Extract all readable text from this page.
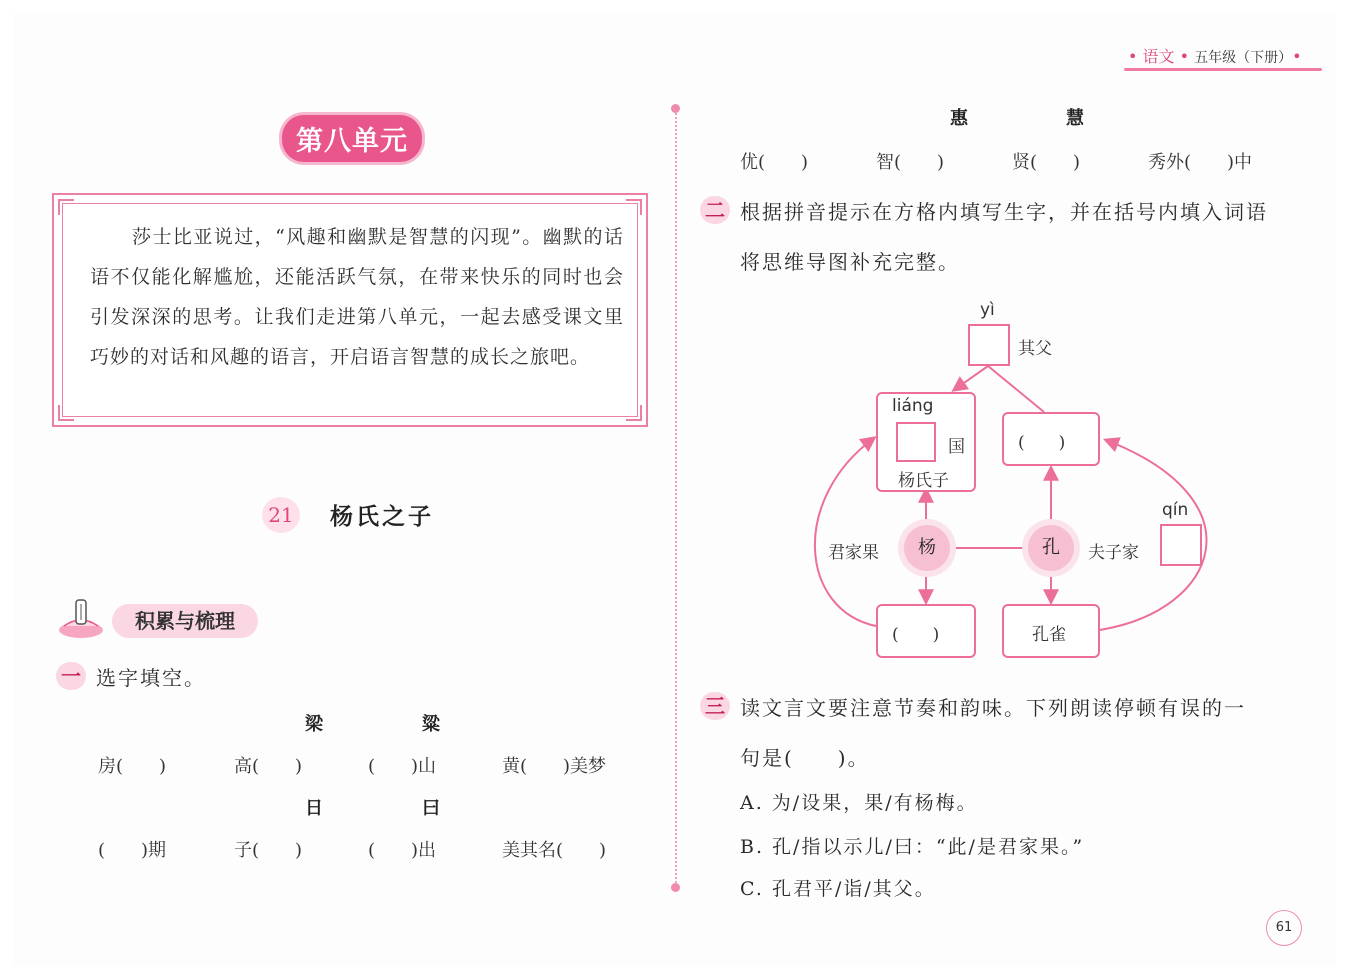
• 语文 • 五年级（下册）•
第八单元
莎士比亚说过，“风趣和幽默是智慧的闪现”。幽默的话语不仅能化解尴尬，还能活跃气氛，在带来快乐的同时也会引发深深的思考。让我们走进第八单元，一起去感受课文里巧妙的对话和风趣的语言，开启语言智慧的成长之旅吧。
21 杨氏之子
积累与梳理
一 选字填空。
梁	粱
房(　　)	高(　　)	(　　)山	黄(　　)美梦
日	曰
(　　)期	子(　　)	(　　)出	美其名(　　)
惠	慧
优(　　)	智(　　)	贤(　　)	秀外(　　)中
二 根据拼音提示在方格内填写生字，并在括号内填入词语
将思维导图补充完整。
yì
其父
liáng
国
杨氏子
(　　)
杨	孔
君家果	夫子家
qín
(　　)	孔雀
三 读文言文要注意节奏和韵味。下列朗读停顿有误的一
句是(　　)。
A. 为/设果，果/有杨梅。
B. 孔/指以示儿/曰：“此/是君家果。”
C. 孔君平/诣/其父。
61
